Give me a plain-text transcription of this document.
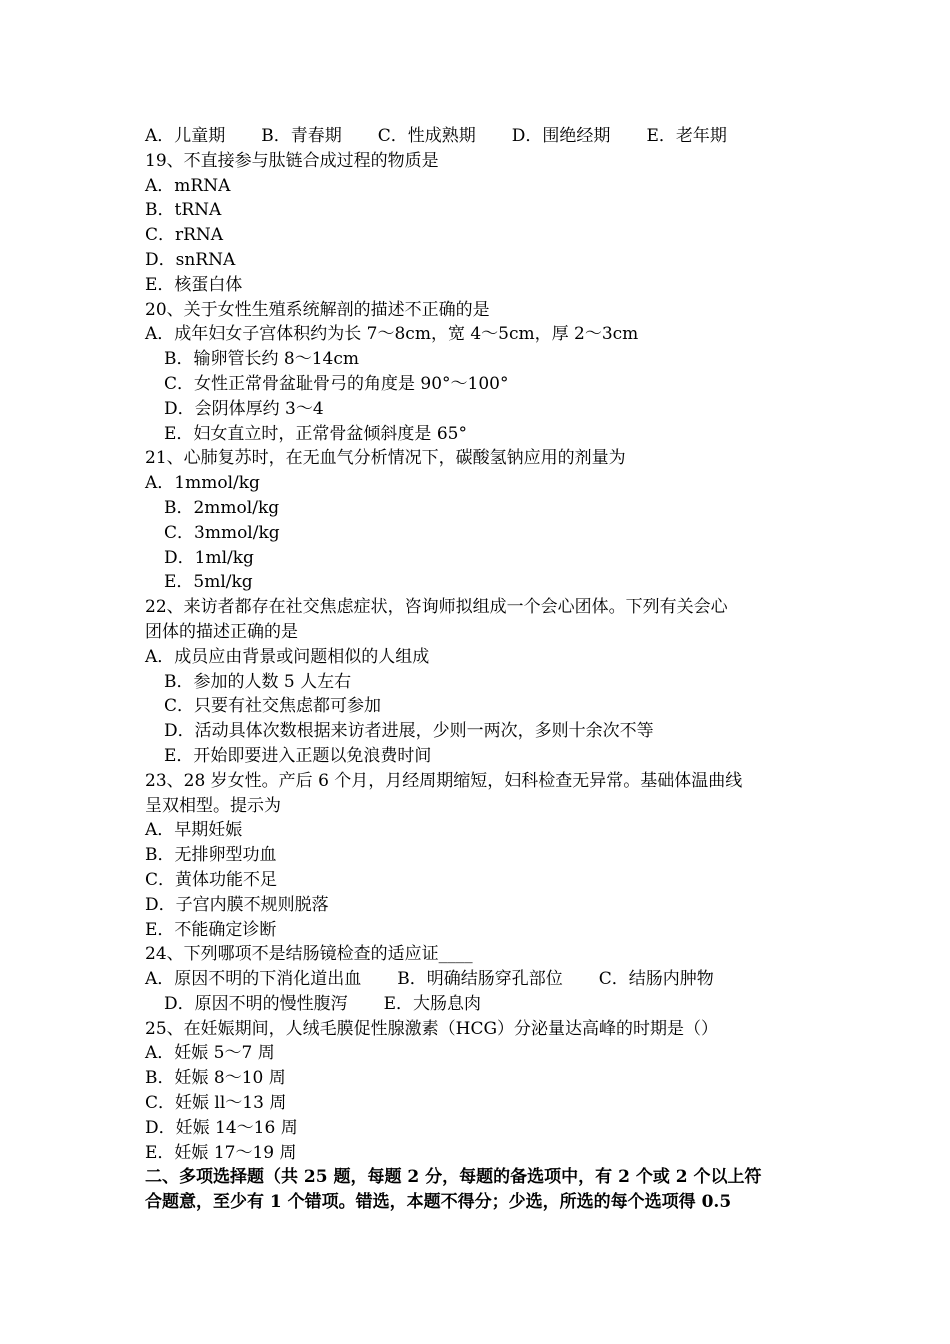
A．儿童期 B．青春期 C．性成熟期 D．围绝经期 E．老年期
19、不直接参与肽链合成过程的物质是
A．mRNA
B．tRNA
C．rRNA
D．snRNA
E．核蛋白体
20、关于女性生殖系统解剖的描述不正确的是
A．成年妇女子宫体积约为长 7～8cm，宽 4～5cm，厚 2～3cm
B．输卵管长约 8～14cm
C．女性正常骨盆耻骨弓的角度是 90°～100°
D．会阴体厚约 3～4
E．妇女直立时，正常骨盆倾斜度是 65°
21、心肺复苏时，在无血气分析情况下，碳酸氢钠应用的剂量为
A．1mmol/kg
B．2mmol/kg
C．3mmol/kg
D．1ml/kg
E．5ml/kg
22、来访者都存在社交焦虑症状，咨询师拟组成一个会心团体。下列有关会心
团体的描述正确的是
A．成员应由背景或问题相似的人组成
B．参加的人数 5 人左右
C．只要有社交焦虑都可参加
D．活动具体次数根据来访者进展，少则一两次，多则十余次不等
E．开始即要进入正题以免浪费时间
23、28 岁女性。产后 6 个月，月经周期缩短，妇科检查无异常。基础体温曲线
呈双相型。提示为
A．早期妊娠
B．无排卵型功血
C．黄体功能不足
D．子宫内膜不规则脱落
E．不能确定诊断
24、下列哪项不是结肠镜检查的适应证____
A．原因不明的下消化道出血 B．明确结肠穿孔部位 C．结肠内肿物
D．原因不明的慢性腹泻 E．大肠息肉
25、在妊娠期间，人绒毛膜促性腺激素（HCG）分泌量达高峰的时期是（）
A．妊娠 5～7 周
B．妊娠 8～10 周
C．妊娠 ll～13 周
D．妊娠 14～16 周
E．妊娠 17～19 周
二、多项选择题（共 25 题，每题 2 分，每题的备选项中，有 2 个或 2 个以上符
合题意，至少有 1 个错项。错选，本题不得分；少选，所选的每个选项得 0.5
